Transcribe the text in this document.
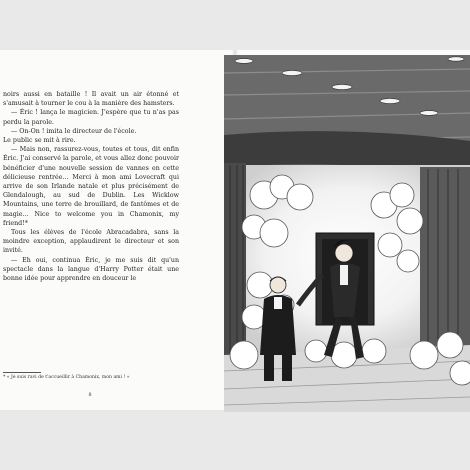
noirs aussi en bataille ! Il avait un air étonné et s'amusait à tourner le cou à la manière des hamsters.

— Éric ! lança le magicien. J'espère que tu n'as pas perdu la parole.

— On-On ! imita le directeur de l'école.

Le public se mit à rire.

— Mais non, rassurez-vous, toutes et tous, dit enfin Éric. J'ai conservé la parole, et vous allez donc pouvoir bénéficier d'une nouvelle session de vannes en cette délicieuse rentrée… Merci à mon ami Lovecraft qui arrive de son Irlande natale et plus précisément de Glendalough, au sud de Dublin. Les Wicklow Mountains, une terre de brouillard, de fantômes et de magie… Nice to welcome you in Chamonix, my friend!*

Tous les élèves de l'école Abracadabra, sans la moindre exception, applaudirent le directeur et son invité.

— Eh oui, continua Éric, je me suis dit qu'un spectacle dans la langue d'Harry Potter était une bonne idée pour apprendre en douceur le

* « Je suis ravi de t'accueillir à Chamonix, mon ami ! »
8
